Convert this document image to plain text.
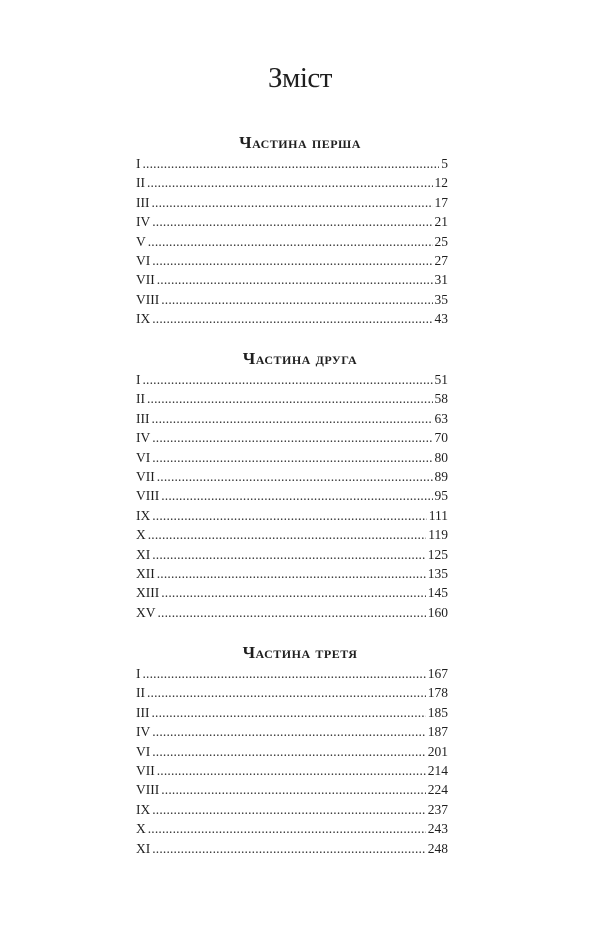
Зміст
Частина перша
I . . .	5
II . . .	12
III . . .	17
IV . . .	21
V . . .	25
VI . . .	27
VII . . .	31
VIII . . .	35
IX . . .	43
Частина друга
I . . .	51
II . . .	58
III . . .	63
IV . . .	70
VI . . .	80
VII . . .	89
VIII . . .	95
IX . . .	111
X . . .	119
XI . . .	125
XII . . .	135
XIII . . .	145
XV . . .	160
Частина третя
I . . .	167
II . . .	178
III . . .	185
IV . . .	187
VI . . .	201
VII . . .	214
VIII . . .	224
IX . . .	237
X . . .	243
XI . . .	248
